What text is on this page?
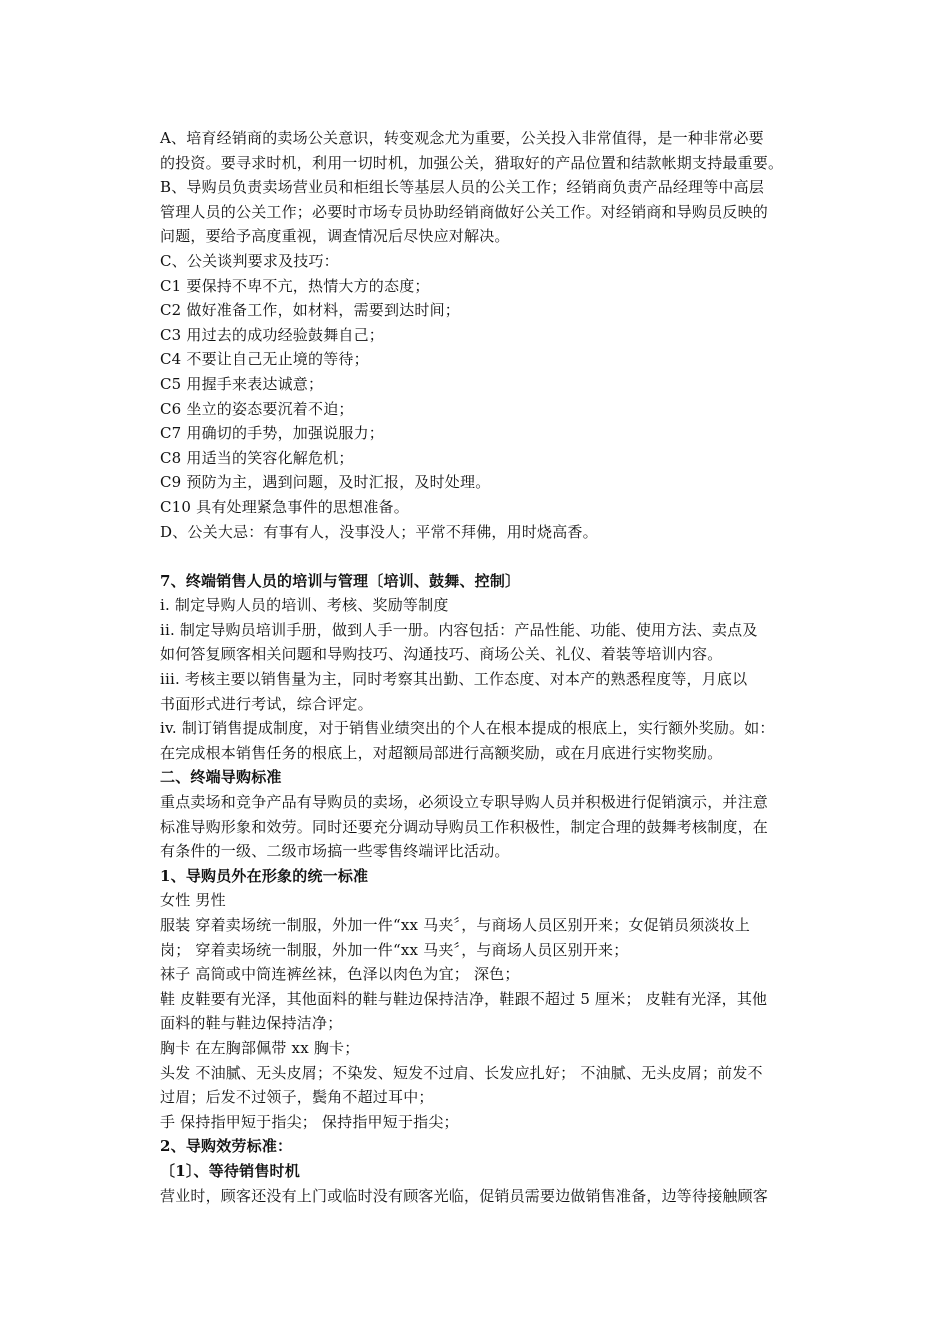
A、培育经销商的卖场公关意识，转变观念尤为重要，公关投入非常值得，是一种非常必要
的投资。要寻求时机，利用一切时机，加强公关，猎取好的产品位置和结款帐期支持最重要。
B、导购员负责卖场营业员和柜组长等基层人员的公关工作；经销商负责产品经理等中高层
管理人员的公关工作；必要时市场专员协助经销商做好公关工作。对经销商和导购员反映的
问题，要给予高度重视，调查情况后尽快应对解决。
C、公关谈判要求及技巧：
C1 要保持不卑不亢，热情大方的态度；
C2 做好准备工作，如材料，需要到达时间；
C3 用过去的成功经验鼓舞自己；
C4 不要让自己无止境的等待；
C5 用握手来表达诚意；
C6 坐立的姿态要沉着不迫；
C7 用确切的手势，加强说服力；
C8 用适当的笑容化解危机；
C9 预防为主，遇到问题，及时汇报，及时处理。
C10 具有处理紧急事件的思想准备。
D、公关大忌：有事有人，没事没人；平常不拜佛，用时烧高香。
7、终端销售人员的培训与管理〔培训、鼓舞、控制〕
i. 制定导购人员的培训、考核、奖励等制度
ii. 制定导购员培训手册，做到人手一册。内容包括：产品性能、功能、使用方法、卖点及
如何答复顾客相关问题和导购技巧、沟通技巧、商场公关、礼仪、着装等培训内容。
iii. 考核主要以销售量为主，同时考察其出勤、工作态度、对本产的熟悉程度等，月底以
书面形式进行考试，综合评定。
iv. 制订销售提成制度，对于销售业绩突出的个人在根本提成的根底上，实行额外奖励。如：
在完成根本销售任务的根底上，对超额局部进行高额奖励，或在月底进行实物奖励。
二、终端导购标准
重点卖场和竞争产品有导购员的卖场，必须设立专职导购人员并积极进行促销演示，并注意
标准导购形象和效劳。同时还要充分调动导购员工作积极性，制定合理的鼓舞考核制度，在
有条件的一级、二级市场搞一些零售终端评比活动。
1、导购员外在形象的统一标准
女性 男性
服装 穿着卖场统一制服，外加一件“xx 马夹〞，与商场人员区别开来；女促销员须淡妆上
岗； 穿着卖场统一制服，外加一件“xx 马夹〞，与商场人员区别开来；
袜子 高筒或中筒连裤丝袜，色泽以肉色为宜； 深色；
鞋 皮鞋要有光泽，其他面料的鞋与鞋边保持洁净，鞋跟不超过 5 厘米； 皮鞋有光泽，其他
面料的鞋与鞋边保持洁净；
胸卡 在左胸部佩带 xx 胸卡；
头发 不油腻、无头皮屑；不染发、短发不过肩、长发应扎好； 不油腻、无头皮屑；前发不
过眉；后发不过领子，鬓角不超过耳中；
手 保持指甲短于指尖； 保持指甲短于指尖；
2、导购效劳标准：
〔1〕、等待销售时机
营业时，顾客还没有上门或临时没有顾客光临，促销员需要边做销售准备，边等待接触顾客
